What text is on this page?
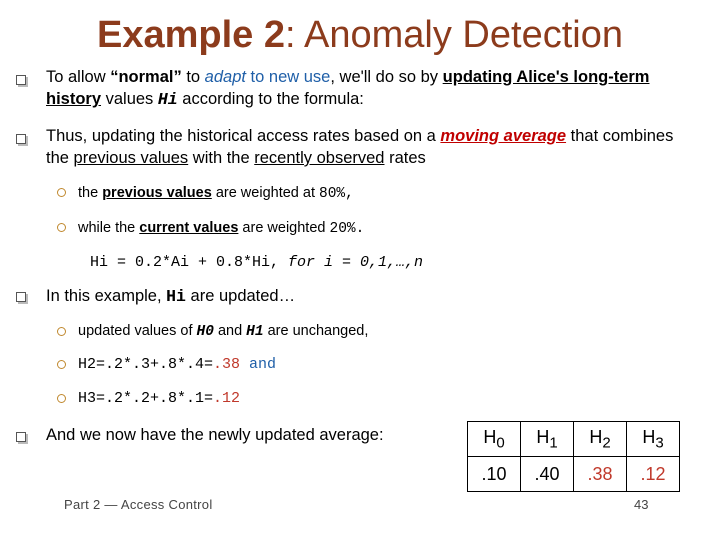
Example 2: Anomaly Detection
To allow “normal” to adapt to new use, we'll do so by updating Alice's long-term history values Hi according to the formula:
Thus, updating the historical access rates based on a moving average that combines the previous values with the recently observed rates
the previous values are weighted at 80%,
while the current values are weighted 20%.
Hi = 0.2*Ai + 0.8*Hi, for i = 0,1,…,n
In this example, Hi are updated…
updated values of H0 and H1 are unchanged,
H2=.2*.3+.8*.4=.38 and
H3=.2*.2+.8*.1=.12
And we now have the newly updated average:	$H_0$	$H_1$	$H_2$	$H_3$
.10	.40	.38	.12
Part 2 — Access Control	43
